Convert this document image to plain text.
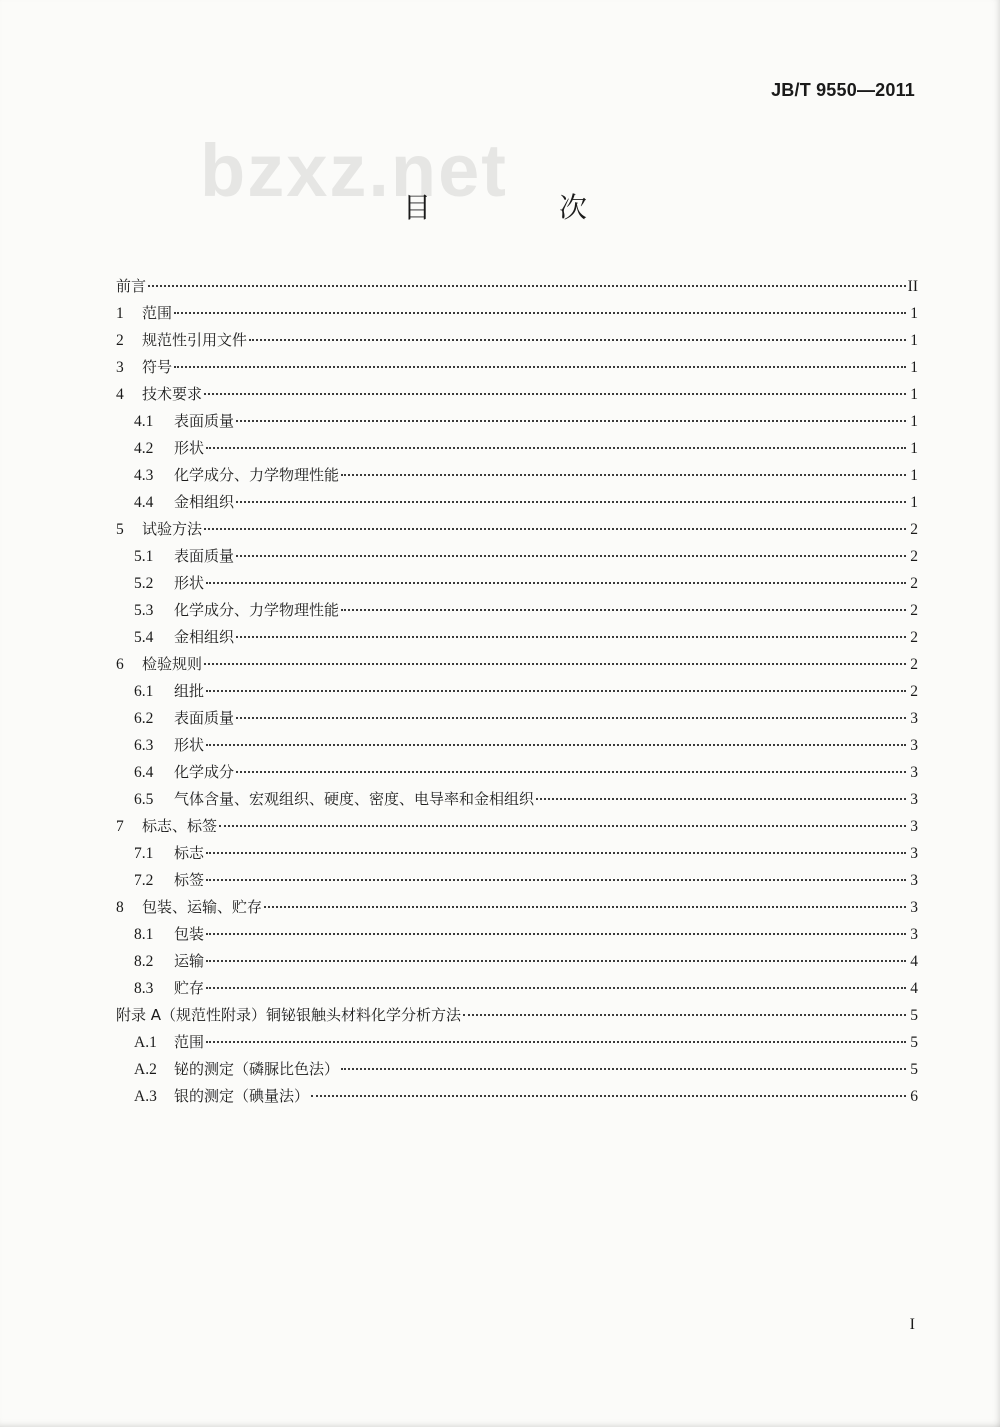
JB/T 9550—2011
bzxz.net
目　次
前言	II
1	范围	1
2	规范性引用文件	1
3	符号	1
4	技术要求	1
4.1	表面质量	1
4.2	形状	1
4.3	化学成分、力学物理性能	1
4.4	金相组织	1
5	试验方法	2
5.1	表面质量	2
5.2	形状	2
5.3	化学成分、力学物理性能	2
5.4	金相组织	2
6	检验规则	2
6.1	组批	2
6.2	表面质量	3
6.3	形状	3
6.4	化学成分	3
6.5	气体含量、宏观组织、硬度、密度、电导率和金相组织	3
7	标志、标签	3
7.1	标志	3
7.2	标签	3
8	包装、运输、贮存	3
8.1	包装	3
8.2	运输	4
8.3	贮存	4
附录 A（规范性附录）铜铋银触头材料化学分析方法	5
A.1	范围	5
A.2	铋的测定（磷脲比色法）	5
A.3	银的测定（碘量法）	6
I
